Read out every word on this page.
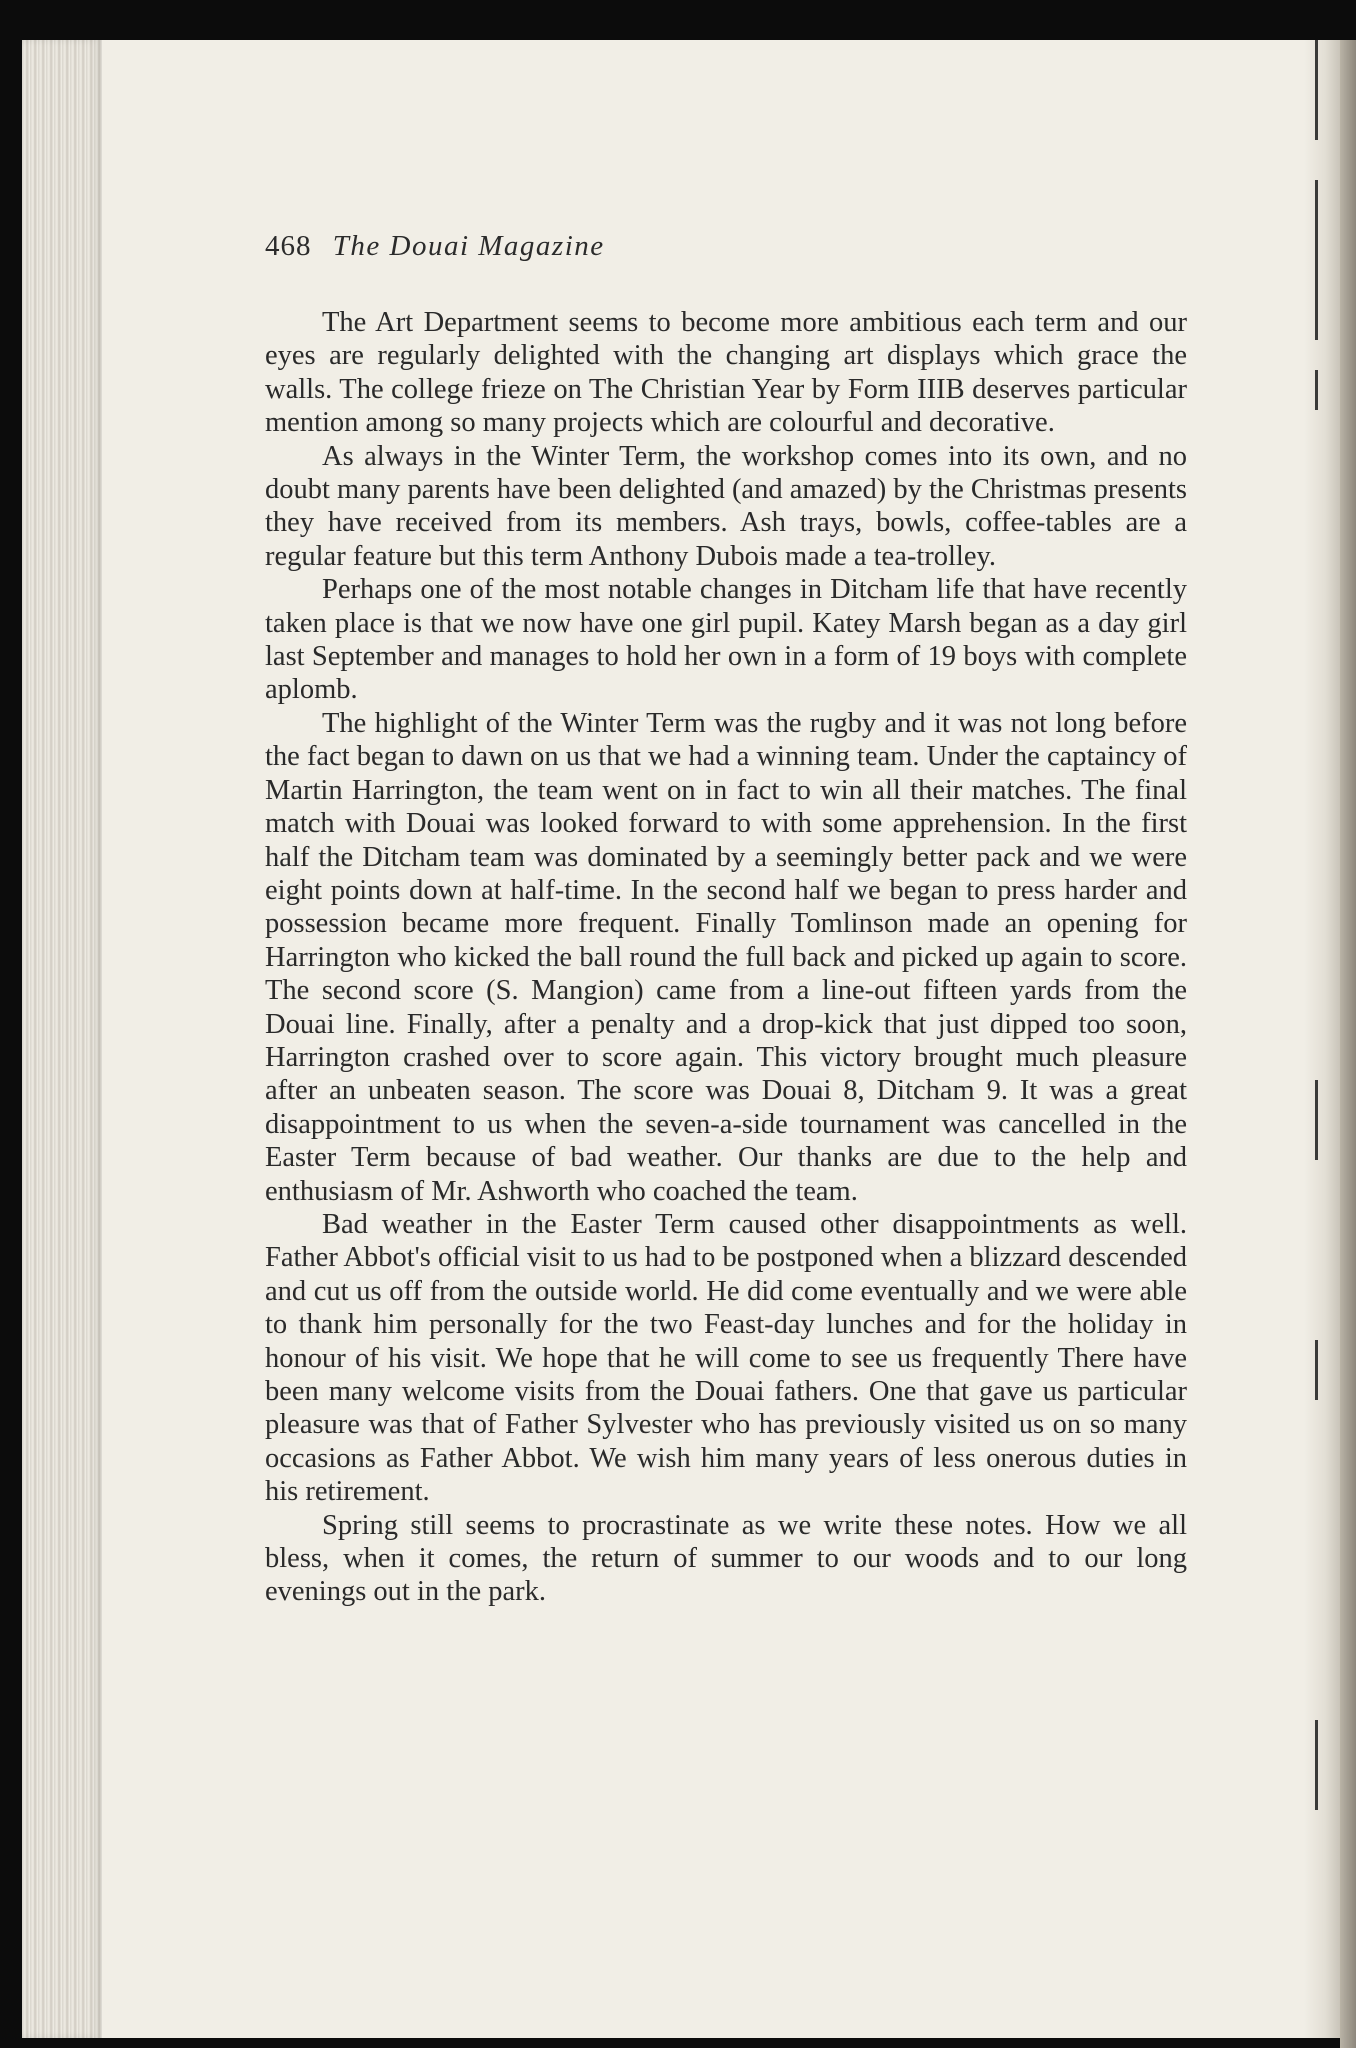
468 The Douai Magazine

The Art Department seems to become more ambitious each term and our eyes are regularly delighted with the changing art displays which grace the walls. The college frieze on The Christian Year by Form IIIB deserves particular mention among so many projects which are colourful and decorative.

As always in the Winter Term, the workshop comes into its own, and no doubt many parents have been delighted (and amazed) by the Christmas presents they have received from its members. Ash trays, bowls, coffee-tables are a regular feature but this term Anthony Dubois made a tea-trolley.

Perhaps one of the most notable changes in Ditcham life that have recently taken place is that we now have one girl pupil. Katey Marsh began as a day girl last September and manages to hold her own in a form of 19 boys with complete aplomb.

The highlight of the Winter Term was the rugby and it was not long before the fact began to dawn on us that we had a winning team. Under the captaincy of Martin Harrington, the team went on in fact to win all their matches. The final match with Douai was looked forward to with some apprehension. In the first half the Ditcham team was dominated by a seemingly better pack and we were eight points down at half-time. In the second half we began to press harder and possession became more frequent. Finally Tomlinson made an opening for Harrington who kicked the ball round the full back and picked up again to score. The second score (S. Mangion) came from a line-out fifteen yards from the Douai line. Finally, after a penalty and a drop-kick that just dipped too soon, Harrington crashed over to score again. This victory brought much pleasure after an unbeaten season. The score was Douai 8, Ditcham 9. It was a great disappointment to us when the seven-a-side tournament was cancelled in the Easter Term because of bad weather. Our thanks are due to the help and enthusiasm of Mr. Ashworth who coached the team.

Bad weather in the Easter Term caused other disappointments as well. Father Abbot's official visit to us had to be postponed when a blizzard descended and cut us off from the outside world. He did come eventually and we were able to thank him personally for the two Feast-day lunches and for the holiday in honour of his visit. We hope that he will come to see us frequently There have been many welcome visits from the Douai fathers. One that gave us particular pleasure was that of Father Sylvester who has previously visited us on so many occasions as Father Abbot. We wish him many years of less onerous duties in his retirement.

Spring still seems to procrastinate as we write these notes. How we all bless, when it comes, the return of summer to our woods and to our long evenings out in the park.
